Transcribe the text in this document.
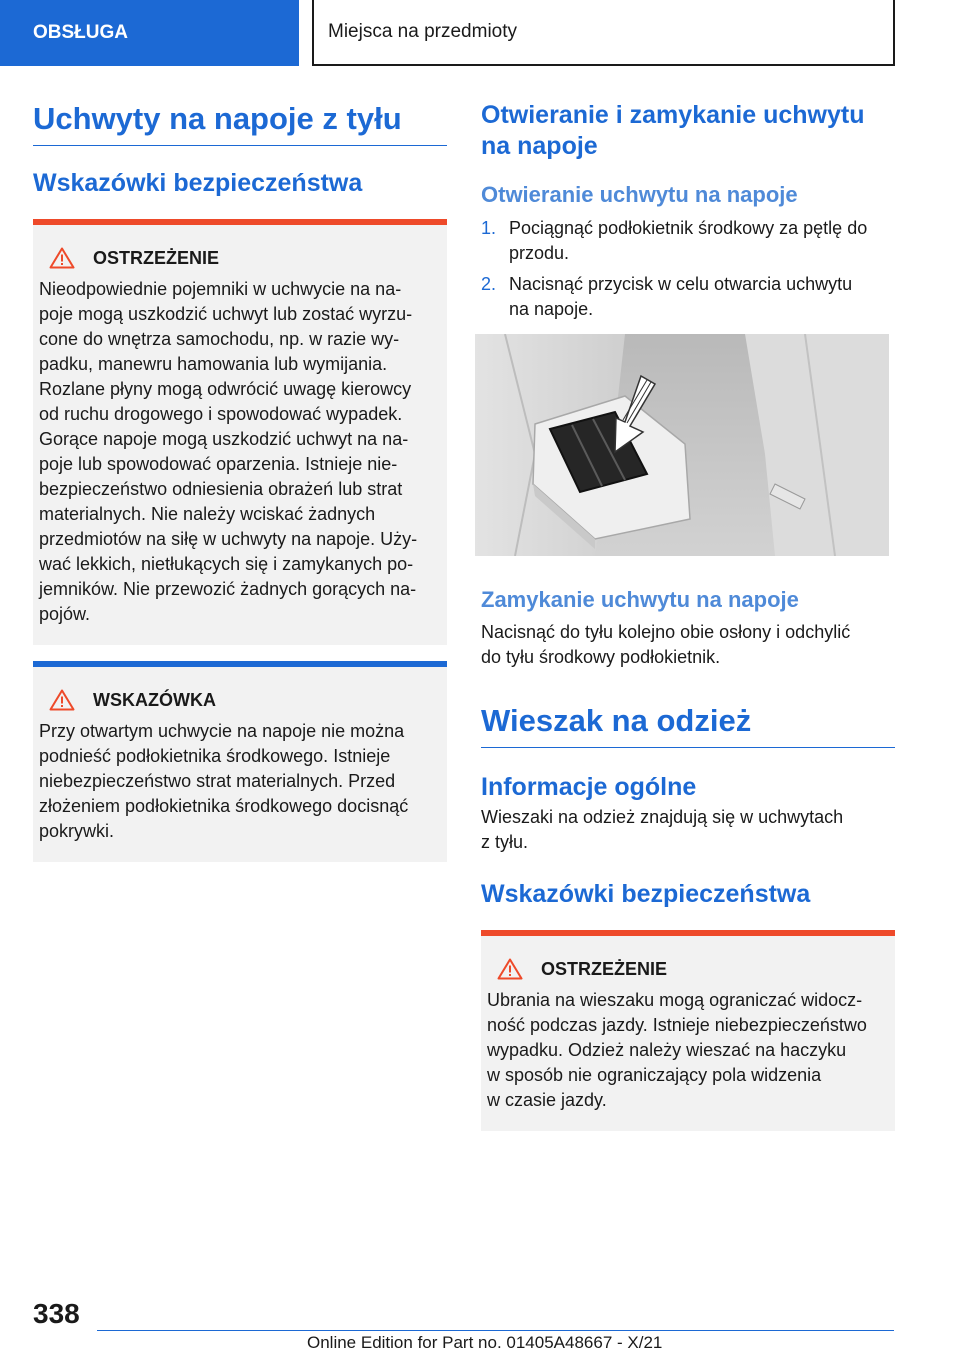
OBSŁUGA	Miejsca na przedmioty
Uchwyty na napoje z tyłu
Wskazówki bezpieczeństwa
OSTRZEŻENIE

Nieodpowiednie pojemniki w uchwycie na na-
poje mogą uszkodzić uchwyt lub zostać wyrzu-
cone do wnętrza samochodu, np. w razie wy-
padku, manewru hamowania lub wymijania.
Rozlane płyny mogą odwrócić uwagę kierowcy
od ruchu drogowego i spowodować wypadek.
Gorące napoje mogą uszkodzić uchwyt na na-
poje lub spowodować oparzenia. Istnieje nie-
bezpieczeństwo odniesienia obrażeń lub strat
materialnych. Nie należy wciskać żadnych
przedmiotów na siłę w uchwyty na napoje. Uży-
wać lekkich, nietłukących się i zamykanych po-
jemników. Nie przewozić żadnych gorących na-
pojów.

WSKAZÓWKA

Przy otwartym uchwycie na napoje nie można
podnieść podłokietnika środkowego. Istnieje
niebezpieczeństwo strat materialnych. Przed
złożeniem podłokietnika środkowego docisnąć
pokrywki.

Otwieranie i zamykanie uchwytu
na napoje
Otwieranie uchwytu na napoje
1. Pociągnąć podłokietnik środkowy za pętlę do
przodu.
2. Nacisnąć przycisk w celu otwarcia uchwytu
na napoje.
Zamykanie uchwytu na napoje

Nacisnąć do tyłu kolejno obie osłony i odchylić
do tyłu środkowy podłokietnik.

Wieszak na odzież
Informacje ogólne

Wieszaki na odzież znajdują się w uchwytach
z tyłu.

Wskazówki bezpieczeństwa
OSTRZEŻENIE

Ubrania na wieszaku mogą ograniczać widocz-
ność podczas jazdy. Istnieje niebezpieczeństwo
wypadku. Odzież należy wieszać na haczyku
w sposób nie ograniczający pola widzenia
w czasie jazdy.

338
Online Edition for Part no. 01405A48667 - X/21
